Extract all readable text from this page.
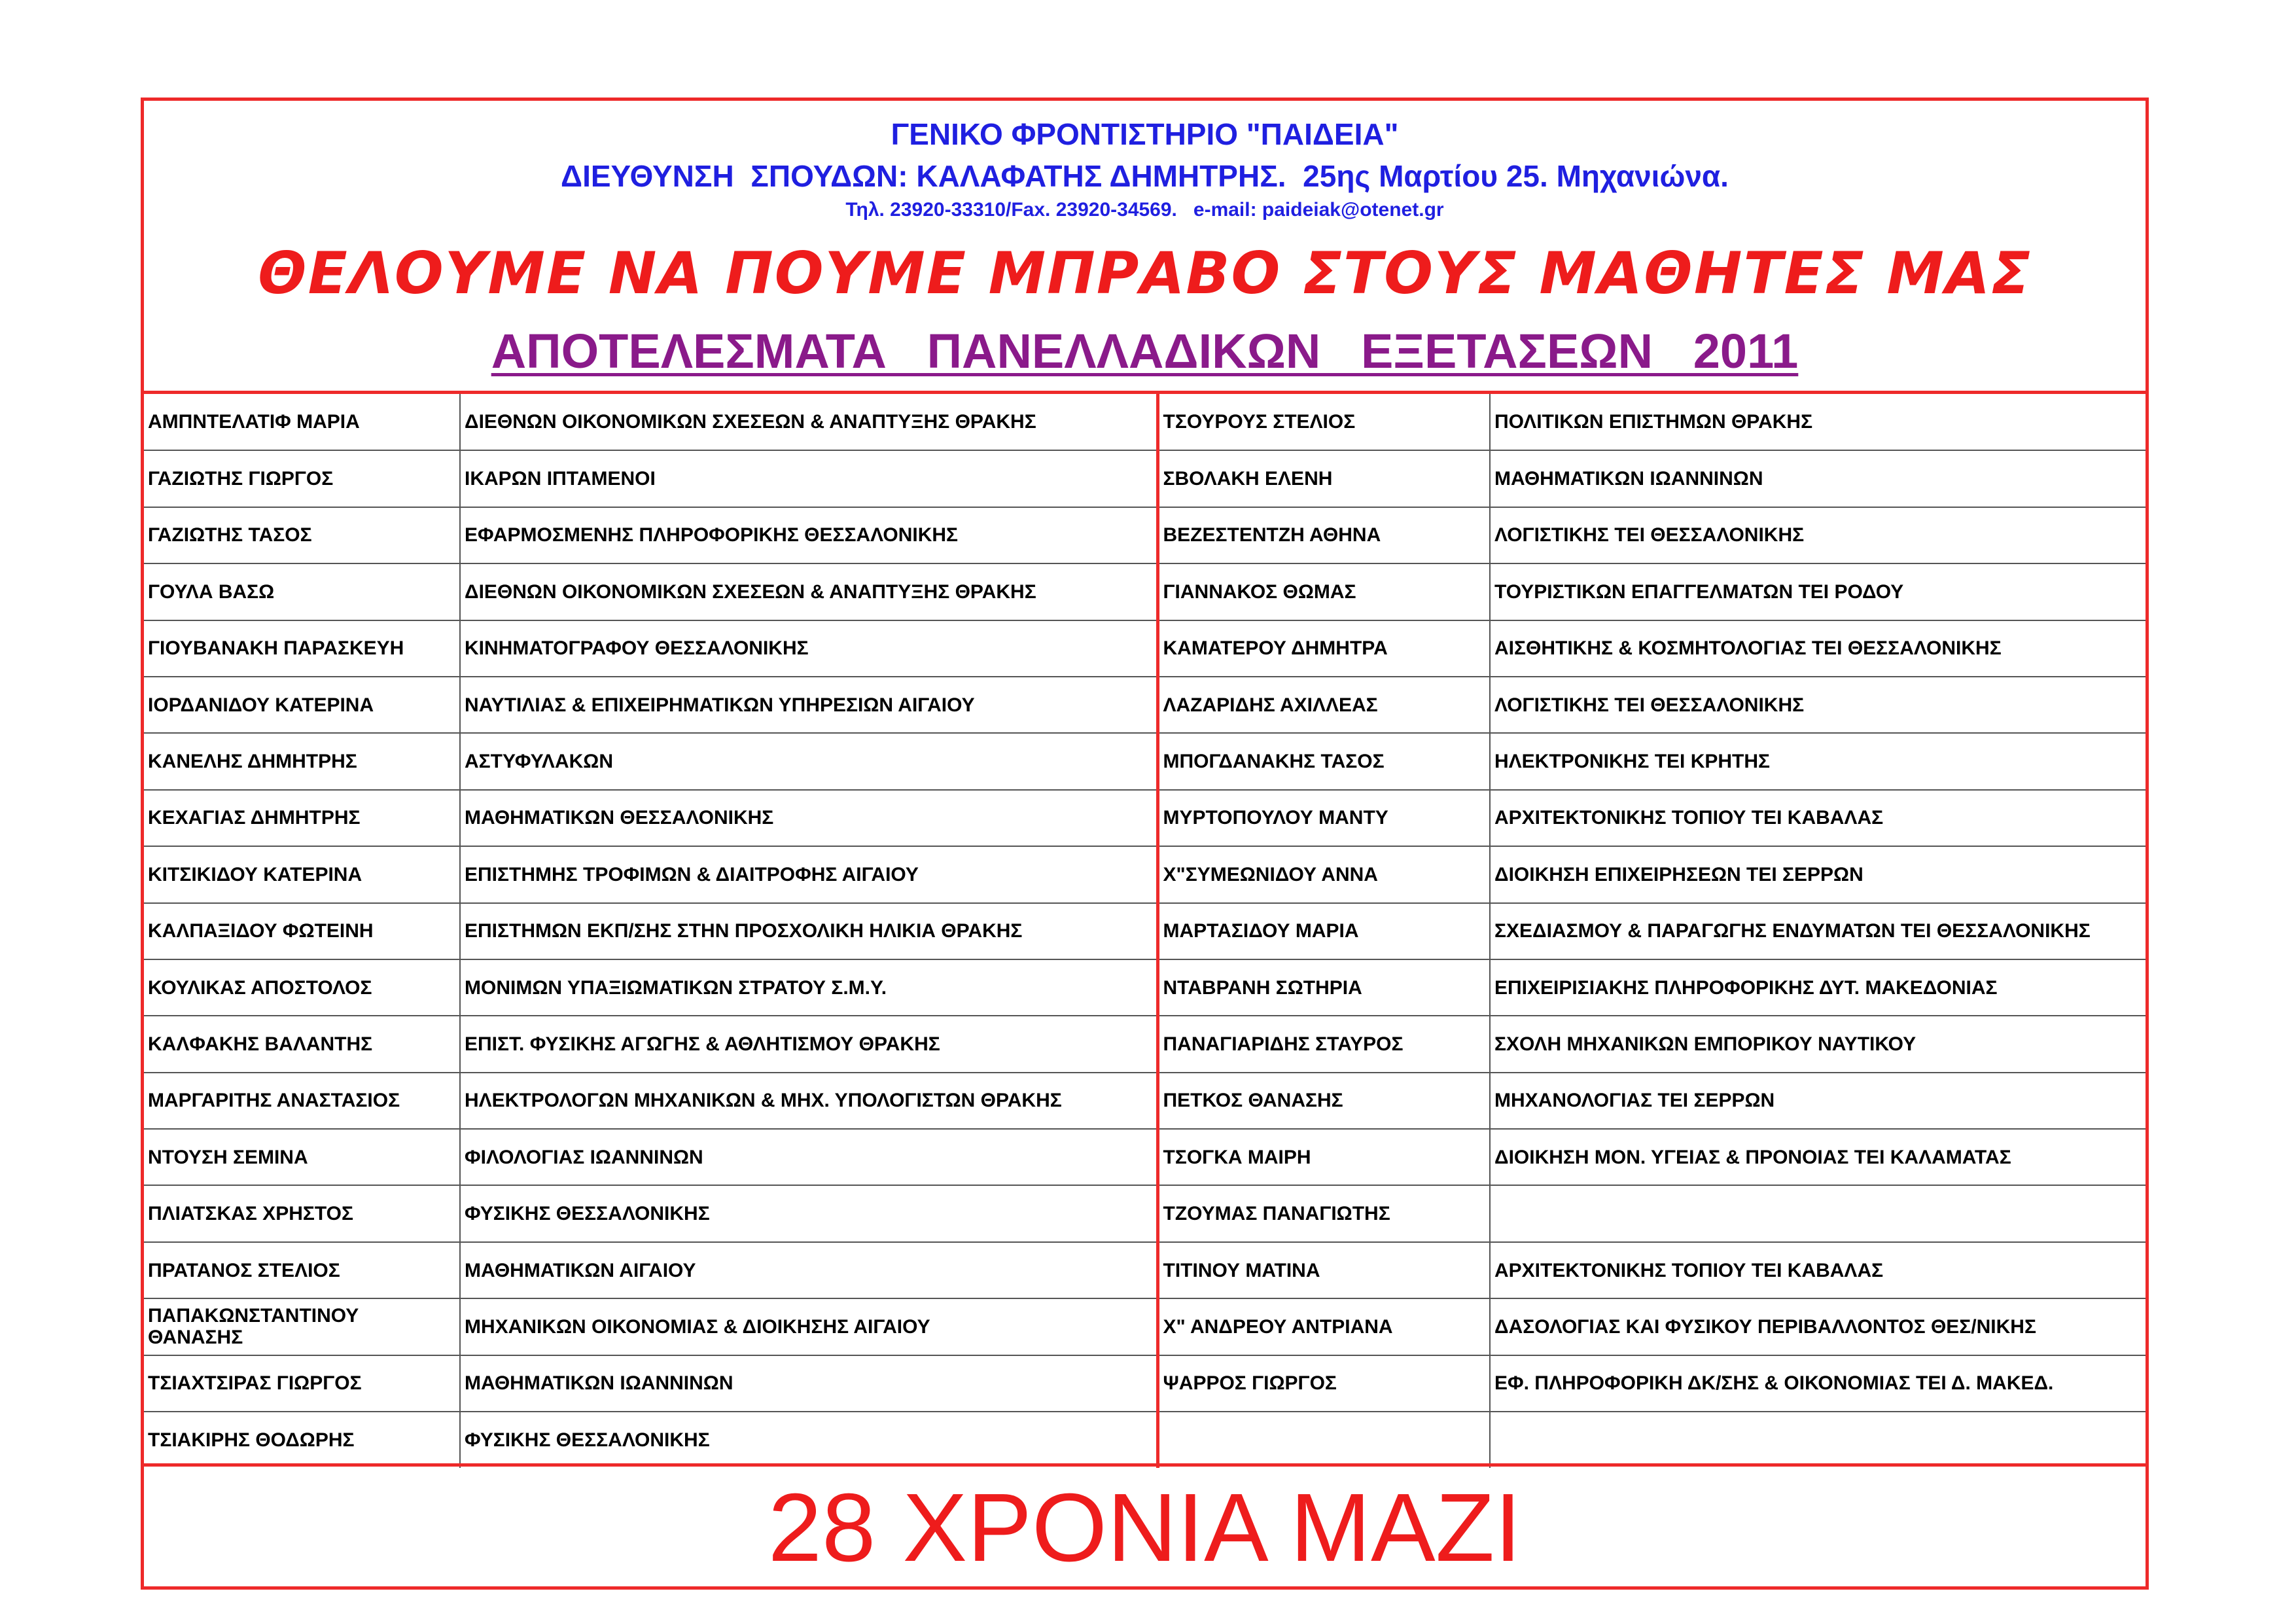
ΓΕΝΙΚΟ ΦΡΟΝΤΙΣΤΗΡΙΟ "ΠΑΙΔΕΙΑ"
ΔΙΕΥΘΥΝΣΗ  ΣΠΟΥΔΩΝ: ΚΑΛΑΦΑΤΗΣ ΔΗΜΗΤΡΗΣ.  25ης Μαρτίου 25. Μηχανιώνα.
Τηλ. 23920-33310/Fax. 23920-34569.   e-mail: paideiak@otenet.gr
ΘΕΛΟΥΜΕ ΝΑ ΠΟΥΜΕ ΜΠΡΑΒΟ ΣΤΟΥΣ ΜΑΘΗΤΕΣ ΜΑΣ
ΑΠΟΤΕΛΕΣΜΑΤΑ   ΠΑΝΕΛΛΑΔΙΚΩΝ   ΕΞΕΤΑΣΕΩΝ   2011
ΑΜΠΝΤΕΛΑΤΙΦ ΜΑΡΙΑ	ΔΙΕΘΝΩΝ ΟΙΚΟΝΟΜΙΚΩΝ ΣΧΕΣΕΩΝ & ΑΝΑΠΤΥΞΗΣ ΘΡΑΚΗΣ	ΤΣΟΥΡΟΥΣ ΣΤΕΛΙΟΣ	ΠΟΛΙΤΙΚΩΝ ΕΠΙΣΤΗΜΩΝ ΘΡΑΚΗΣ
ΓΑΖΙΩΤΗΣ ΓΙΩΡΓΟΣ	ΙΚΑΡΩΝ ΙΠΤΑΜΕΝΟΙ	ΣΒΟΛΑΚΗ ΕΛΕΝΗ	ΜΑΘΗΜΑΤΙΚΩΝ ΙΩΑΝΝΙΝΩΝ
ΓΑΖΙΩΤΗΣ ΤΑΣΟΣ	ΕΦΑΡΜΟΣΜΕΝΗΣ ΠΛΗΡΟΦΟΡΙΚΗΣ ΘΕΣΣΑΛΟΝΙΚΗΣ	ΒΕΖΕΣΤΕΝΤΖΗ ΑΘΗΝΑ	ΛΟΓΙΣΤΙΚΗΣ ΤΕΙ ΘΕΣΣΑΛΟΝΙΚΗΣ
ΓΟΥΛΑ ΒΑΣΩ	ΔΙΕΘΝΩΝ ΟΙΚΟΝΟΜΙΚΩΝ ΣΧΕΣΕΩΝ & ΑΝΑΠΤΥΞΗΣ ΘΡΑΚΗΣ	ΓΙΑΝΝΑΚΟΣ ΘΩΜΑΣ	ΤΟΥΡΙΣΤΙΚΩΝ ΕΠΑΓΓΕΛΜΑΤΩΝ ΤΕΙ ΡΟΔΟΥ
ΓΙΟΥΒΑΝΑΚΗ ΠΑΡΑΣΚΕΥΗ	ΚΙΝΗΜΑΤΟΓΡΑΦΟΥ ΘΕΣΣΑΛΟΝΙΚΗΣ	ΚΑΜΑΤΕΡΟΥ ΔΗΜΗΤΡΑ	ΑΙΣΘΗΤΙΚΗΣ & ΚΟΣΜΗΤΟΛΟΓΙΑΣ ΤΕΙ ΘΕΣΣΑΛΟΝΙΚΗΣ
ΙΟΡΔΑΝΙΔΟΥ ΚΑΤΕΡΙΝΑ	ΝΑΥΤΙΛΙΑΣ & ΕΠΙΧΕΙΡΗΜΑΤΙΚΩΝ ΥΠΗΡΕΣΙΩΝ ΑΙΓΑΙΟΥ	ΛΑΖΑΡΙΔΗΣ ΑΧΙΛΛΕΑΣ	ΛΟΓΙΣΤΙΚΗΣ ΤΕΙ ΘΕΣΣΑΛΟΝΙΚΗΣ
ΚΑΝΕΛΗΣ ΔΗΜΗΤΡΗΣ	ΑΣΤΥΦΥΛΑΚΩΝ	ΜΠΟΓΔΑΝΑΚΗΣ ΤΑΣΟΣ	ΗΛΕΚΤΡΟΝΙΚΗΣ ΤΕΙ ΚΡΗΤΗΣ
ΚΕΧΑΓΙΑΣ ΔΗΜΗΤΡΗΣ	ΜΑΘΗΜΑΤΙΚΩΝ ΘΕΣΣΑΛΟΝΙΚΗΣ	ΜΥΡΤΟΠΟΥΛΟΥ ΜΑΝΤΥ	ΑΡΧΙΤΕΚΤΟΝΙΚΗΣ ΤΟΠΙΟΥ ΤΕΙ ΚΑΒΑΛΑΣ
ΚΙΤΣΙΚΙΔΟΥ ΚΑΤΕΡΙΝΑ	ΕΠΙΣΤΗΜΗΣ ΤΡΟΦΙΜΩΝ & ΔΙΑΙΤΡΟΦΗΣ ΑΙΓΑΙΟΥ	Χ"ΣΥΜΕΩΝΙΔΟΥ ΑΝΝΑ	ΔΙΟΙΚΗΣΗ ΕΠΙΧΕΙΡΗΣΕΩΝ ΤΕΙ ΣΕΡΡΩΝ
ΚΑΛΠΑΞΙΔΟΥ ΦΩΤΕΙΝΗ	ΕΠΙΣΤΗΜΩΝ ΕΚΠ/ΣΗΣ ΣΤΗΝ ΠΡΟΣΧΟΛΙΚΗ ΗΛΙΚΙΑ ΘΡΑΚΗΣ	ΜΑΡΤΑΣΙΔΟΥ ΜΑΡΙΑ	ΣΧΕΔΙΑΣΜΟΥ & ΠΑΡΑΓΩΓΗΣ ΕΝΔΥΜΑΤΩΝ ΤΕΙ ΘΕΣΣΑΛΟΝΙΚΗΣ
ΚΟΥΛΙΚΑΣ ΑΠΟΣΤΟΛΟΣ	ΜΟΝΙΜΩΝ ΥΠΑΞΙΩΜΑΤΙΚΩΝ ΣΤΡΑΤΟΥ Σ.Μ.Υ.	ΝΤΑΒΡΑΝΗ ΣΩΤΗΡΙΑ	ΕΠΙΧΕΙΡΙΣΙΑΚΗΣ ΠΛΗΡΟΦΟΡΙΚΗΣ ΔΥΤ. ΜΑΚΕΔΟΝΙΑΣ
ΚΑΛΦΑΚΗΣ ΒΑΛΑΝΤΗΣ	ΕΠΙΣΤ. ΦΥΣΙΚΗΣ ΑΓΩΓΗΣ & ΑΘΛΗΤΙΣΜΟΥ ΘΡΑΚΗΣ	ΠΑΝΑΓΙΑΡΙΔΗΣ ΣΤΑΥΡΟΣ	ΣΧΟΛΗ ΜΗΧΑΝΙΚΩΝ ΕΜΠΟΡΙΚΟΥ ΝΑΥΤΙΚΟΥ
ΜΑΡΓΑΡΙΤΗΣ ΑΝΑΣΤΑΣΙΟΣ	ΗΛΕΚΤΡΟΛΟΓΩΝ ΜΗΧΑΝΙΚΩΝ & ΜΗΧ. ΥΠΟΛΟΓΙΣΤΩΝ ΘΡΑΚΗΣ	ΠΕΤΚΟΣ ΘΑΝΑΣΗΣ	ΜΗΧΑΝΟΛΟΓΙΑΣ ΤΕΙ ΣΕΡΡΩΝ
ΝΤΟΥΣΗ ΣΕΜΙΝΑ	ΦΙΛΟΛΟΓΙΑΣ ΙΩΑΝΝΙΝΩΝ	ΤΣΟΓΚΑ ΜΑΙΡΗ	ΔΙΟΙΚΗΣΗ ΜΟΝ. ΥΓΕΙΑΣ & ΠΡΟΝΟΙΑΣ ΤΕΙ ΚΑΛΑΜΑΤΑΣ
ΠΛΙΑΤΣΚΑΣ ΧΡΗΣΤΟΣ	ΦΥΣΙΚΗΣ ΘΕΣΣΑΛΟΝΙΚΗΣ	ΤΖΟΥΜΑΣ ΠΑΝΑΓΙΩΤΗΣ	
ΠΡΑΤΑΝΟΣ ΣΤΕΛΙΟΣ	ΜΑΘΗΜΑΤΙΚΩΝ ΑΙΓΑΙΟΥ	ΤΙΤΙΝΟΥ ΜΑΤΙΝΑ	ΑΡΧΙΤΕΚΤΟΝΙΚΗΣ ΤΟΠΙΟΥ ΤΕΙ ΚΑΒΑΛΑΣ
ΠΑΠΑΚΩΝΣΤΑΝΤΙΝΟΥ ΘΑΝΑΣΗΣ	ΜΗΧΑΝΙΚΩΝ ΟΙΚΟΝΟΜΙΑΣ & ΔΙΟΙΚΗΣΗΣ ΑΙΓΑΙΟΥ	Χ" ΑΝΔΡΕΟΥ ΑΝΤΡΙΑΝΑ	ΔΑΣΟΛΟΓΙΑΣ ΚΑΙ ΦΥΣΙΚΟΥ ΠΕΡΙΒΑΛΛΟΝΤΟΣ ΘΕΣ/ΝΙΚΗΣ
ΤΣΙΑΧΤΣΙΡΑΣ ΓΙΩΡΓΟΣ	ΜΑΘΗΜΑΤΙΚΩΝ ΙΩΑΝΝΙΝΩΝ	ΨΑΡΡΟΣ ΓΙΩΡΓΟΣ	ΕΦ. ΠΛΗΡΟΦΟΡΙΚΗ ΔΚ/ΣΗΣ & ΟΙΚΟΝΟΜΙΑΣ ΤΕΙ Δ. ΜΑΚΕΔ.
ΤΣΙΑΚΙΡΗΣ ΘΟΔΩΡΗΣ	ΦΥΣΙΚΗΣ ΘΕΣΣΑΛΟΝΙΚΗΣ		
28 ΧΡΟΝΙΑ ΜΑΖΙ
